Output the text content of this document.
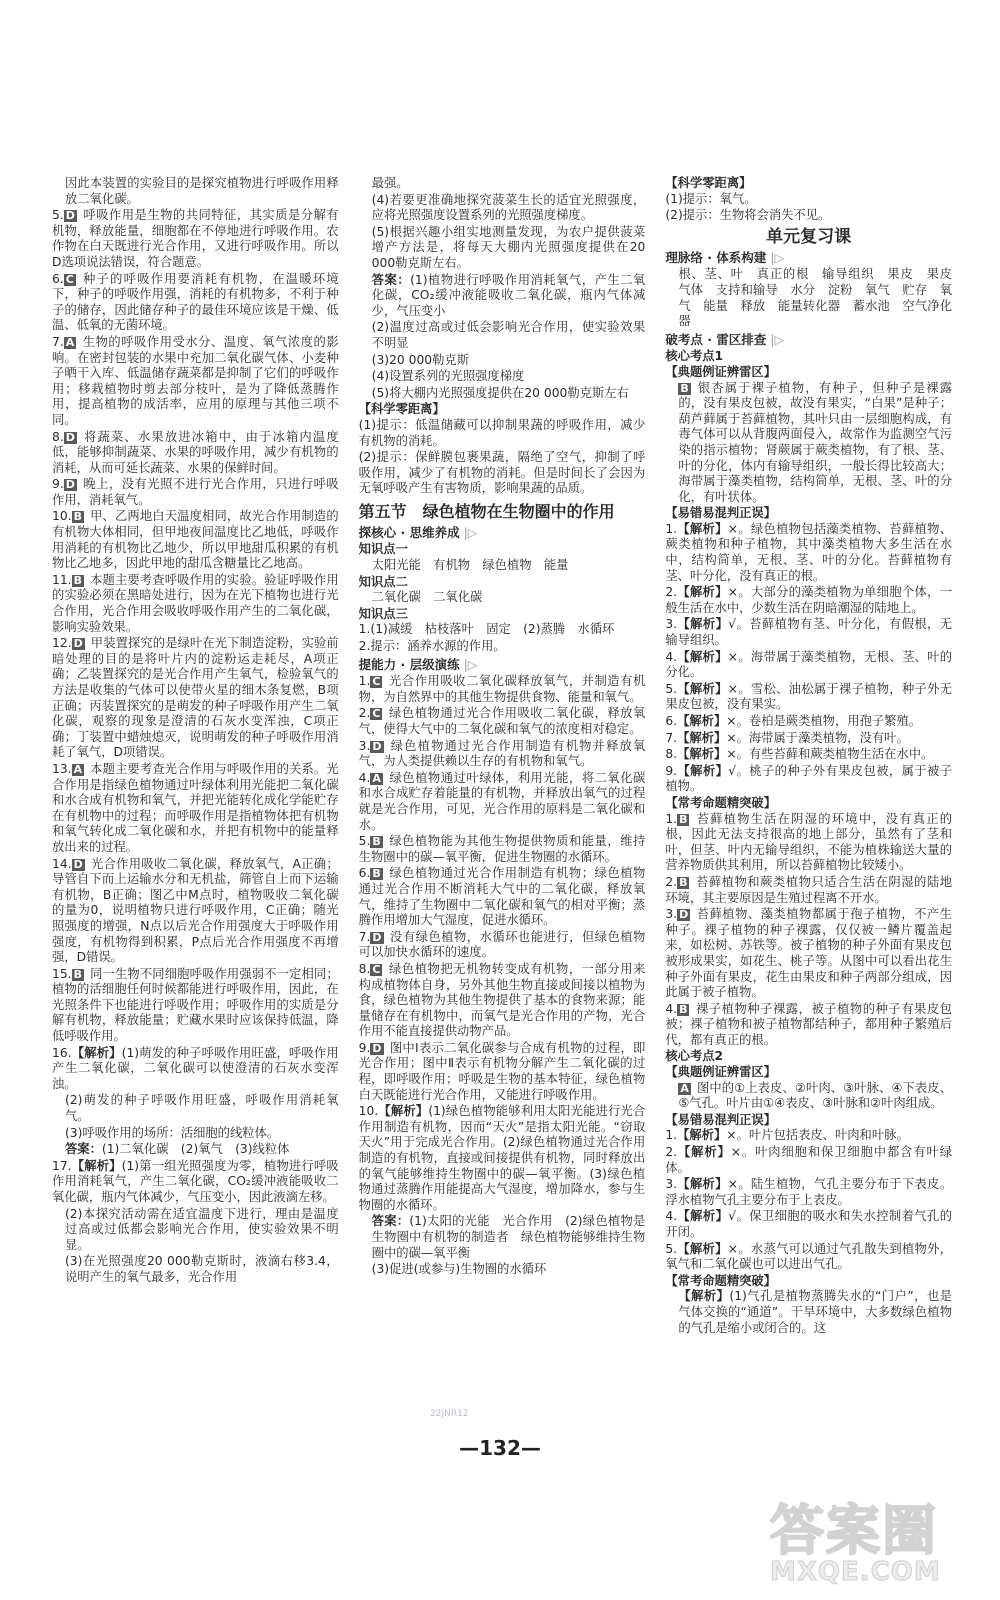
因此本装置的实验目的是探究植物进行呼吸作用释放二氧化碳。

5. D 呼吸作用是生物的共同特征，其实质是分解有机物，释放能量，细胞都在不停地进行呼吸作用。农作物在白天既进行光合作用，又进行呼吸作用。所以D选项说法错误，符合题意。

6. C 种子的呼吸作用要消耗有机物，在温暖环境下，种子的呼吸作用强，消耗的有机物多，不利于种子的储存，因此储存种子的最佳环境应该是干燥、低温、低氧的无菌环境。

7. A 生物的呼吸作用受水分、温度、氧气浓度的影响。在密封包装的水果中充加二氧化碳气体、小麦种子晒干入库、低温储存蔬菜都是抑制了它们的呼吸作用；移栽植物时剪去部分枝叶，是为了降低蒸腾作用，提高植物的成活率，应用的原理与其他三项不同。

8. D 将蔬菜、水果放进冰箱中，由于冰箱内温度低，能够抑制蔬菜、水果的呼吸作用，减少有机物的消耗，从而可延长蔬菜、水果的保鲜时间。

9. D 晚上，没有光照不进行光合作用，只进行呼吸作用，消耗氧气。

10. B 甲、乙两地白天温度相同，故光合作用制造的有机物大体相同，但甲地夜间温度比乙地低，呼吸作用消耗的有机物比乙地少，所以甲地甜瓜积累的有机物比乙地多，因此甲地的甜瓜含糖量比乙地高。

11. B 本题主要考查呼吸作用的实验。验证呼吸作用的实验必须在黑暗处进行，因为在光下植物也进行光合作用，光合作用会吸收呼吸作用产生的二氧化碳，影响实验效果。

12. D 甲装置探究的是绿叶在光下制造淀粉，实验前暗处理的目的是将叶片内的淀粉运走耗尽，A项正确；乙装置探究的是光合作用产生氧气，检验氧气的方法是收集的气体可以使带火星的细木条复燃，B项正确；丙装置探究的是萌发的种子呼吸作用产生二氧化碳，观察的现象是澄清的石灰水变浑浊，C项正确；丁装置中蜡烛熄灭，说明萌发的种子呼吸作用消耗了氧气，D项错误。

13. A 本题主要考查光合作用与呼吸作用的关系。光合作用是指绿色植物通过叶绿体利用光能把二氧化碳和水合成有机物和氧气，并把光能转化成化学能贮存在有机物中的过程；而呼吸作用是指植物体把有机物和氧气转化成二氧化碳和水，并把有机物中的能量释放出来的过程。

14. D 光合作用吸收二氧化碳，释放氧气，A正确；导管自下而上运输水分和无机盐，筛管自上而下运输有机物，B正确；图乙中M点时，植物吸收二氧化碳的量为0，说明植物只进行呼吸作用，C正确；随光照强度的增强，N点以后光合作用强度大于呼吸作用强度，有机物得到积累，P点后光合作用强度不再增强，D错误。

15. B 同一生物不同细胞呼吸作用强弱不一定相同；植物的活细胞任何时候都能进行呼吸作用，因此，在光照条件下也能进行呼吸作用；呼吸作用的实质是分解有机物，释放能量；贮藏水果时应该保持低温，降低呼吸作用。

16.【解析】(1)萌发的种子呼吸作用旺盛，呼吸作用产生二氧化碳，二氧化碳可以使澄清的石灰水变浑浊。

(2)萌发的种子呼吸作用旺盛，呼吸作用消耗氧气。

(3)呼吸作用的场所：活细胞的线粒体。

答案：(1)二氧化碳　(2)氧气　(3)线粒体

17.【解析】(1)第一组光照强度为零，植物进行呼吸作用消耗氧气，产生二氧化碳，CO₂缓冲液能吸收二氧化碳，瓶内气体减少，气压变小，因此液滴左移。

(2)本探究活动需在适宜温度下进行，理由是温度过高或过低都会影响光合作用，使实验效果不明显。

(3)在光照强度20 000勒克斯时，液滴右移3.4，说明产生的氧气最多，光合作用

最强。

(4)若要更准确地探究菠菜生长的适宜光照强度，应将光照强度设置系列的光照强度梯度。

(5)根据兴趣小组实地测量发现，为农户提供菠菜增产方法是，将每天大棚内光照强度提供在20 000勒克斯左右。

答案：(1)植物进行呼吸作用消耗氧气，产生二氧化碳，CO₂缓冲液能吸收二氧化碳，瓶内气体减少，气压变小

(2)温度过高或过低会影响光合作用，使实验效果不明显

(3)20 000勒克斯

(4)设置系列的光照强度梯度

(5)将大棚内光照强度提供在20 000勒克斯左右

【科学零距离】

(1)提示：低温储藏可以抑制果蔬的呼吸作用，减少有机物的消耗。

(2)提示：保鲜膜包裹果蔬，隔绝了空气，抑制了呼吸作用，减少了有机物的消耗。但是时间长了会因为无氧呼吸产生有害物质，影响果蔬的品质。

第五节　绿色植物在生物圈中的作用
探核心 · 思维养成 |▷
知识点一

太阳光能　有机物　绿色植物　能量

知识点二

二氧化碳　二氧化碳

知识点三

1.(1)减缓　枯枝落叶　固定　(2)蒸腾　水循环

2.提示：涵养水源的作用。

提能力 · 层级演练 |▷

1. C 光合作用吸收二氧化碳释放氧气，并制造有机物，为自然界中的其他生物提供食物、能量和氧气。

2. C 绿色植物通过光合作用吸收二氧化碳，释放氧气，使得大气中的二氧化碳和氧气的浓度相对稳定。

3. D 绿色植物通过光合作用制造有机物并释放氧气，为人类提供赖以生存的有机物和氧气。

4. A 绿色植物通过叶绿体，利用光能，将二氧化碳和水合成贮存着能量的有机物，并释放出氧气的过程就是光合作用，可见，光合作用的原料是二氧化碳和水。

5. B 绿色植物能为其他生物提供物质和能量，维持生物圈中的碳—氧平衡，促进生物圈的水循环。

6. B 绿色植物通过光合作用制造有机物；绿色植物通过光合作用不断消耗大气中的二氧化碳，释放氧气，维持了生物圈中二氧化碳和氧气的相对平衡；蒸腾作用增加大气湿度，促进水循环。

7. D 没有绿色植物，水循环也能进行，但绿色植物可以加快水循环的速度。

8. C 绿色植物把无机物转变成有机物，一部分用来构成植物体自身，另外其他生物直接或间接以植物为食，绿色植物为其他生物提供了基本的食物来源；能量储存在有机物中，而氧气是光合作用的产物，光合作用不能直接提供动物产品。

9. D 图中Ⅰ表示二氧化碳参与合成有机物的过程，即光合作用；图中Ⅱ表示有机物分解产生二氧化碳的过程，即呼吸作用；呼吸是生物的基本特征，绿色植物白天既能进行光合作用，又能进行呼吸作用。

10.【解析】(1)绿色植物能够利用太阳光能进行光合作用制造有机物，因而“天火”是指太阳光能。“窃取天火”用于完成光合作用。(2)绿色植物通过光合作用制造的有机物，直接或间接提供有机物，同时释放出的氧气能够维持生物圈中的碳—氧平衡。(3)绿色植物通过蒸腾作用能提高大气湿度，增加降水，参与生物圈的水循环。

答案：(1)太阳的光能　光合作用　(2)绿色植物是生物圈中有机物的制造者　绿色植物能够维持生物圈中的碳—氧平衡

(3)促进(或参与)生物圈的水循环

【科学零距离】

(1)提示：氧气。

(2)提示：生物将会消失不见。

单元复习课
理脉络 · 体系构建 |▷

根、茎、叶　真正的根　输导组织　果皮　果皮　气体　支持和输导　水分　淀粉　氧气　贮存　氧气　能量　释放　能量转化器　蓄水池　空气净化器

破考点 · 雷区排查 |▷
核心考点1
【典题例证辨雷区】

B 银杏属于裸子植物，有种子，但种子是裸露的，没有果皮包被，故没有果实，“白果”是种子；葫芦藓属于苔藓植物，其叶只由一层细胞构成，有毒气体可以从背腹两面侵入，故常作为监测空气污染的指示植物；肾蕨属于蕨类植物，有了根、茎、叶的分化，体内有输导组织，一般长得比较高大；海带属于藻类植物，结构简单，无根、茎、叶的分化，有叶状体。

【易错易混判正误】

1.【解析】×。绿色植物包括藻类植物、苔藓植物、蕨类植物和种子植物，其中藻类植物大多生活在水中，结构简单，无根、茎、叶的分化。苔藓植物有茎、叶分化，没有真正的根。

2.【解析】×。大部分的藻类植物为单细胞个体，一般生活在水中，少数生活在阴暗潮湿的陆地上。

3.【解析】√。苔藓植物有茎、叶分化，有假根，无输导组织。

4.【解析】×。海带属于藻类植物，无根、茎、叶的分化。

5.【解析】×。雪松、油松属于裸子植物，种子外无果皮包被，没有果实。

6.【解析】×。卷柏是蕨类植物，用孢子繁殖。

7.【解析】×。海带属于藻类植物，没有叶。

8.【解析】×。有些苔藓和蕨类植物生活在水中。

9.【解析】√。桃子的种子外有果皮包被，属于被子植物。

【常考命题精突破】

1. B 苔藓植物生活在阴湿的环境中，没有真正的根，因此无法支持很高的地上部分，虽然有了茎和叶，但茎、叶内无输导组织，不能为植株输送大量的营养物质供其利用，所以苔藓植物比较矮小。

2. B 苔藓植物和蕨类植物只适合生活在阴湿的陆地环境，其主要原因是生殖过程离不开水。

3. D 苔藓植物、藻类植物都属于孢子植物，不产生种子。裸子植物的种子裸露，仅仅被一鳞片覆盖起来，如松树、苏铁等。被子植物的种子外面有果皮包被形成果实，如花生、桃子等。从图中可以看出花生种子外面有果皮，花生由果皮和种子两部分组成，因此属于被子植物。

4. B 裸子植物种子裸露，被子植物的种子有果皮包被；裸子植物和被子植物都结种子，都用种子繁殖后代，都有真正的根。

核心考点2
【典题例证辨雷区】

A 图中的①上表皮、②叶肉、③叶脉、④下表皮、⑤气孔。叶片由①④表皮、③叶脉和②叶肉组成。

【易错易混判正误】

1.【解析】×。叶片包括表皮、叶肉和叶脉。

2.【解析】×。叶肉细胞和保卫细胞中都含有叶绿体。

3.【解析】×。陆生植物，气孔主要分布于下表皮。浮水植物气孔主要分布于上表皮。

4.【解析】√。保卫细胞的吸水和失水控制着气孔的开闭。

5.【解析】×。水蒸气可以通过气孔散失到植物外，氧气和二氧化碳也可以进出气孔。

【常考命题精突破】

【解析】(1)气孔是植物蒸腾失水的“门户”，也是气体交换的“通道”。干旱环境中，大多数绿色植物的气孔是缩小或闭合的。这

22JNR12
—132—
答案圈
MXQE.COM
